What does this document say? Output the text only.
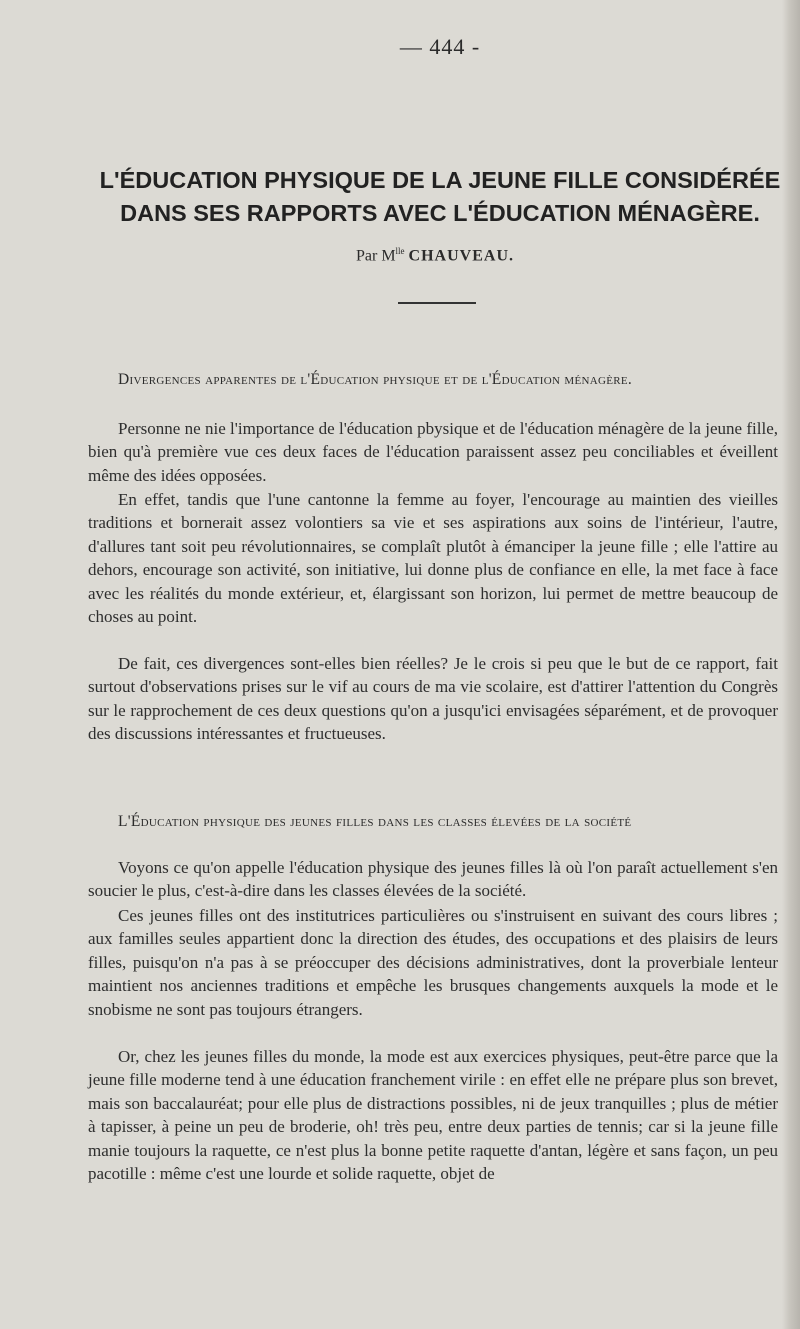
— 444 -
L'ÉDUCATION PHYSIQUE DE LA JEUNE FILLE CONSIDÉRÉE
DANS SES RAPPORTS AVEC L'ÉDUCATION MÉNAGÈRE.
Par $M^{lle}$ CHAUVEAU.
Divergences apparentes de l'Éducation physique et de l'Éducation ménagère.

Personne ne nie l'importance de l'éducation pbysique et de l'éducation ménagère de la jeune fille, bien qu'à première vue ces deux faces de l'éducation paraissent assez peu conciliables et éveillent même des idées opposées.

En effet, tandis que l'une cantonne la femme au foyer, l'encourage au maintien des vieilles traditions et bornerait assez volontiers sa vie et ses aspirations aux soins de l'intérieur, l'autre, d'allures tant soit peu révolutionnaires, se complaît plutôt à émanciper la jeune fille ; elle l'attire au dehors, encourage son activité, son initiative, lui donne plus de confiance en elle, la met face à face avec les réalités du monde extérieur, et, élargissant son horizon, lui permet de mettre beaucoup de choses au point.

De fait, ces divergences sont-elles bien réelles? Je le crois si peu que le but de ce rapport, fait surtout d'observations prises sur le vif au cours de ma vie scolaire, est d'attirer l'attention du Congrès sur le rapprochement de ces deux questions qu'on a jusqu'ici envisagées séparément, et de provoquer des discussions intéressantes et fructueuses.

L'Éducation physique des jeunes filles dans les classes élevées de la société

Voyons ce qu'on appelle l'éducation physique des jeunes filles là où l'on paraît actuellement s'en soucier le plus, c'est-à-dire dans les classes élevées de la société.

Ces jeunes filles ont des institutrices particulières ou s'instruisent en suivant des cours libres ; aux familles seules appartient donc la direction des études, des occupations et des plaisirs de leurs filles, puisqu'on n'a pas à se préoccuper des décisions administratives, dont la proverbiale lenteur maintient nos anciennes traditions et empêche les brusques changements auxquels la mode et le snobisme ne sont pas toujours étrangers.

Or, chez les jeunes filles du monde, la mode est aux exercices physiques, peut-être parce que la jeune fille moderne tend à une éducation franchement virile : en effet elle ne prépare plus son brevet, mais son baccalauréat; pour elle plus de distractions possibles, ni de jeux tranquilles ; plus de métier à tapisser, à peine un peu de broderie, oh! très peu, entre deux parties de tennis; car si la jeune fille manie toujours la raquette, ce n'est plus la bonne petite raquette d'antan, légère et sans façon, un peu pacotille : même c'est une lourde et solide raquette, objet de
